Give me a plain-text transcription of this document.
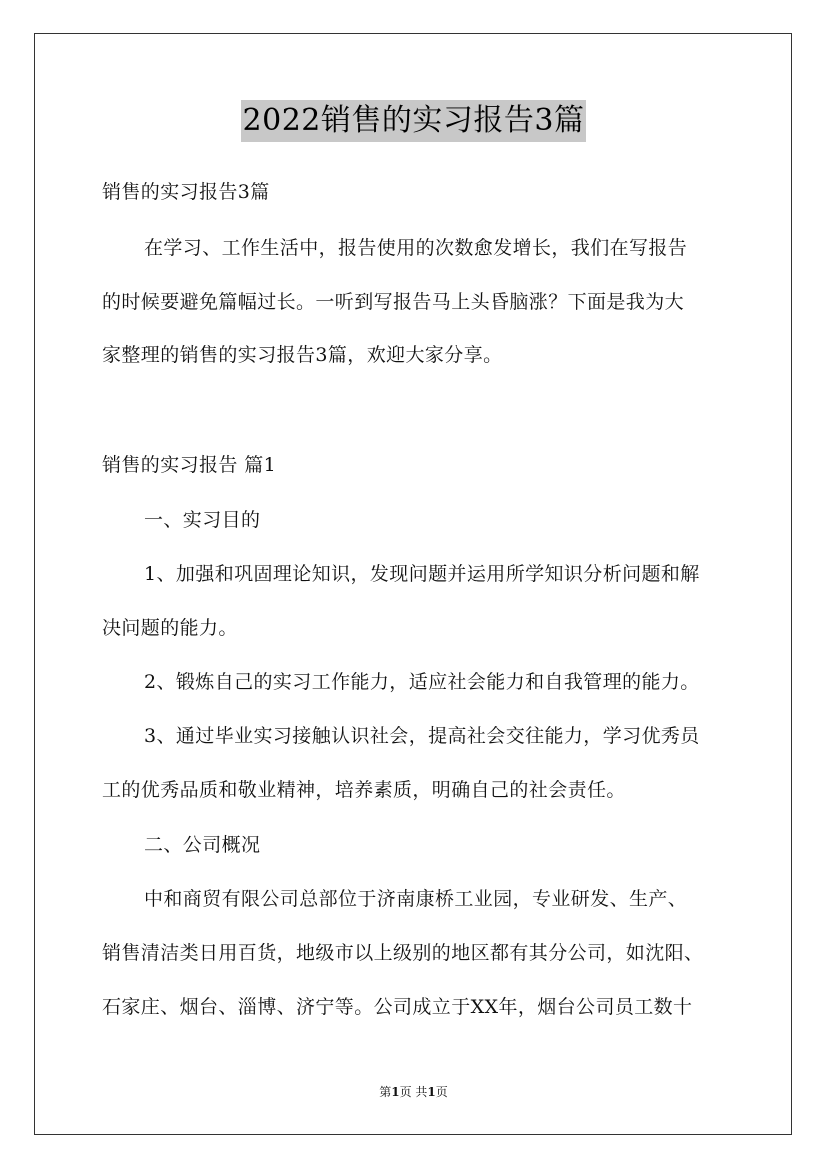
2022销售的实习报告3篇
销售的实习报告3篇
在学习、工作生活中，报告使用的次数愈发增长，我们在写报告
的时候要避免篇幅过长。一听到写报告马上头昏脑涨？下面是我为大
家整理的销售的实习报告3篇，欢迎大家分享。
销售的实习报告 篇1
一、实习目的
1、加强和巩固理论知识，发现问题并运用所学知识分析问题和解
决问题的能力。
2、锻炼自己的实习工作能力，适应社会能力和自我管理的能力。
3、通过毕业实习接触认识社会，提高社会交往能力，学习优秀员
工的优秀品质和敬业精神，培养素质，明确自己的社会责任。
二、公司概况
中和商贸有限公司总部位于济南康桥工业园，专业研发、生产、
销售清洁类日用百货，地级市以上级别的地区都有其分公司，如沈阳、
石家庄、烟台、淄博、济宁等。公司成立于XX年，烟台公司员工数十
第1页 共1页
